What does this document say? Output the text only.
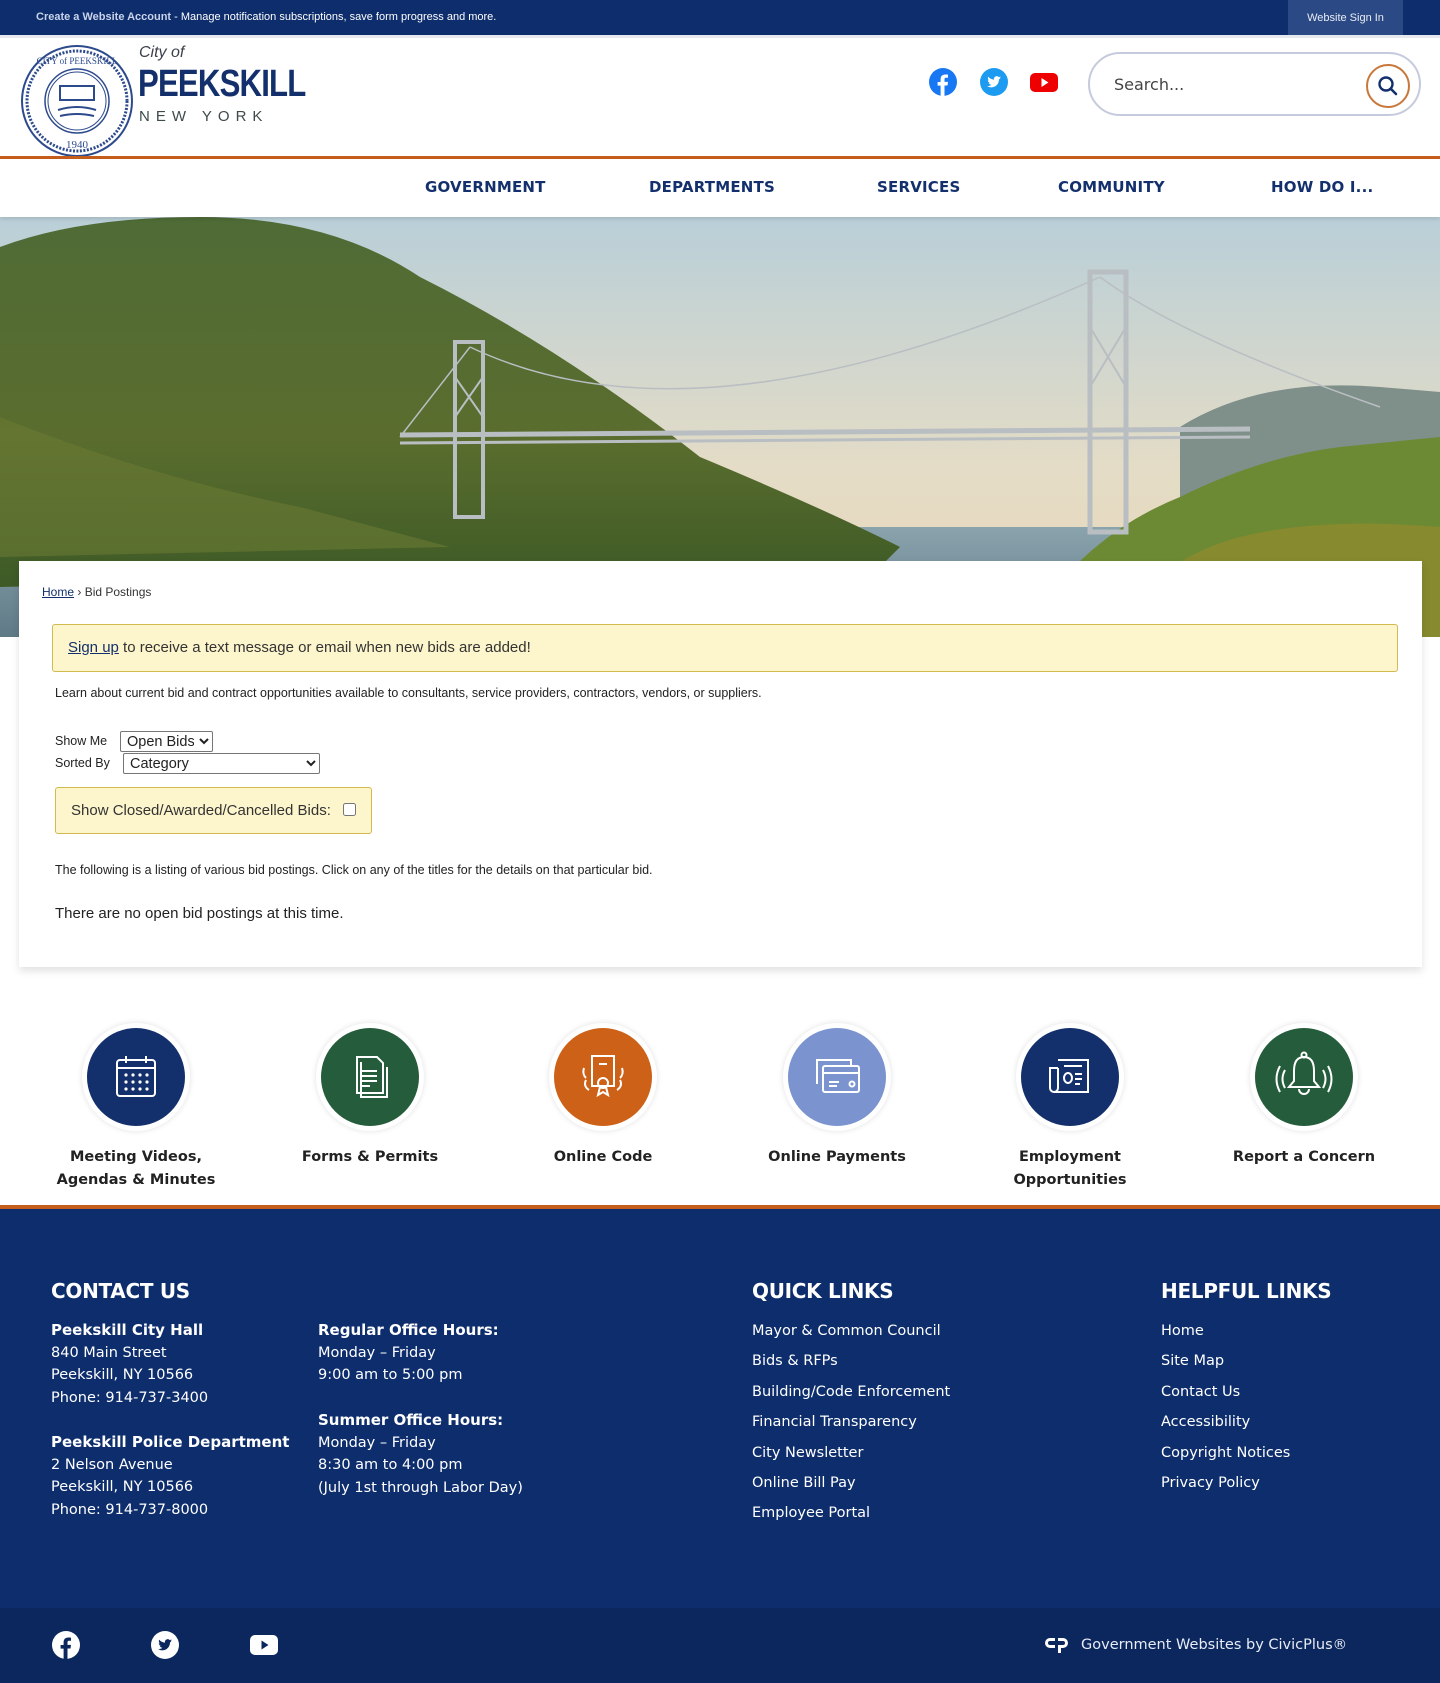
Create a Website Account - Manage notification subscriptions, save form progress and more.	Website Sign In
1940
CITY of PEEKSKILL City of
PEEKSKILL
NEW YORK
Search...
GOVERNMENT	DEPARTMENTS	SERVICES	COMMUNITY	HOW DO I...
Home › Bid Postings
Sign up to receive a text message or email when new bids are added!
Learn about current bid and contract opportunities available to consultants, service providers, contractors, vendors, or suppliers.
Show Me
Open Bids
Sorted By
Category
Show Closed/Awarded/Cancelled Bids:
The following is a listing of various bid postings. Click on any of the titles for the details on that particular bid.
There are no open bid postings at this time.
Meeting Videos, Agendas & Minutes
Forms & Permits	Online Code	Online Payments	Employment Opportunities
Report a Concern
CONTACT US
Peekskill City Hall
840 Main Street
Peekskill, NY 10566
Phone: 914-737-3400
Peekskill Police Department
2 Nelson Avenue
Peekskill, NY 10566
Phone: 914-737-8000
Regular Office Hours:
Monday – Friday
9:00 am to 5:00 pm
Summer Office Hours:
Monday – Friday
8:30 am to 4:00 pm
(July 1st through Labor Day)
QUICK LINKS
Mayor & Common Council
Bids & RFPs
Building/Code Enforcement
Financial Transparency
City Newsletter
Online Bill Pay
Employee Portal
HELPFUL LINKS
Home
Site Map
Contact Us
Accessibility
Copyright Notices
Privacy Policy
Government Websites by CivicPlus®
